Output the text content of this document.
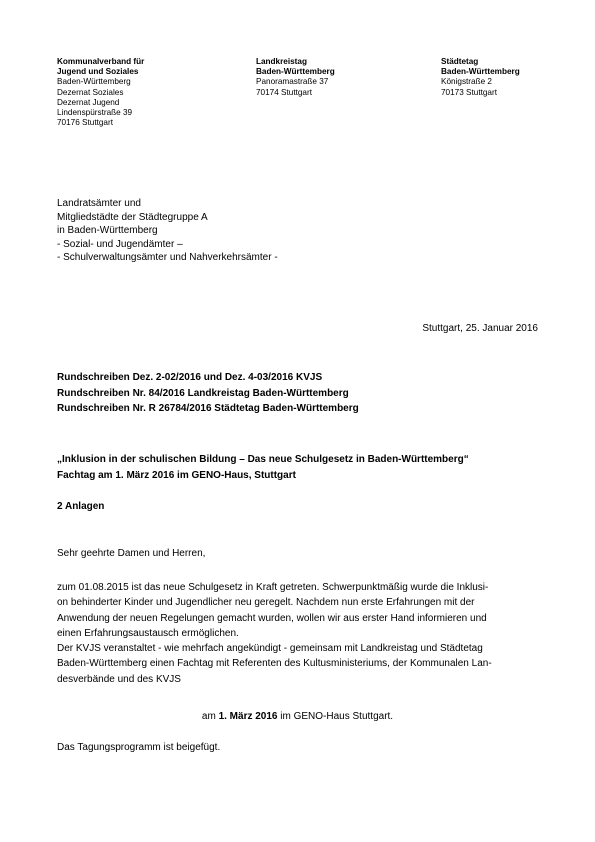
Kommunalverband für
Jugend und Soziales
Baden-Württemberg
Dezernat Soziales
Dezernat Jugend
Lindenspürstraße 39
70176 Stuttgart
Landkreistag
Baden-Württemberg
Panoramastraße 37
70174 Stuttgart
Städtetag
Baden-Württemberg
Königstraße 2
70173 Stuttgart
Landratsämter und
Mitgliedstädte der Städtegruppe A
in Baden-Württemberg
- Sozial- und Jugendämter –
- Schulverwaltungsämter und Nahverkehrsämter -
Stuttgart, 25. Januar 2016
Rundschreiben Dez. 2-02/2016 und Dez. 4-03/2016 KVJS
Rundschreiben Nr. 84/2016 Landkreistag Baden-Württemberg
Rundschreiben Nr. R 26784/2016 Städtetag Baden-Württemberg
„Inklusion in der schulischen Bildung – Das neue Schulgesetz in Baden-Württemberg“
Fachtag am 1. März 2016 im GENO-Haus, Stuttgart
2 Anlagen
Sehr geehrte Damen und Herren,
zum 01.08.2015 ist das neue Schulgesetz in Kraft getreten. Schwerpunktmäßig wurde die Inklusi-
on behinderter Kinder und Jugendlicher neu geregelt. Nachdem nun erste Erfahrungen mit der
Anwendung der neuen Regelungen gemacht wurden, wollen wir aus erster Hand informieren und
einen Erfahrungsaustausch ermöglichen.
Der KVJS veranstaltet - wie mehrfach angekündigt - gemeinsam mit Landkreistag und Städtetag
Baden-Württemberg einen Fachtag mit Referenten des Kultusministeriums, der Kommunalen Lan-
desverbände und des KVJS
am 1. März 2016 im GENO-Haus Stuttgart.
Das Tagungsprogramm ist beigefügt.
